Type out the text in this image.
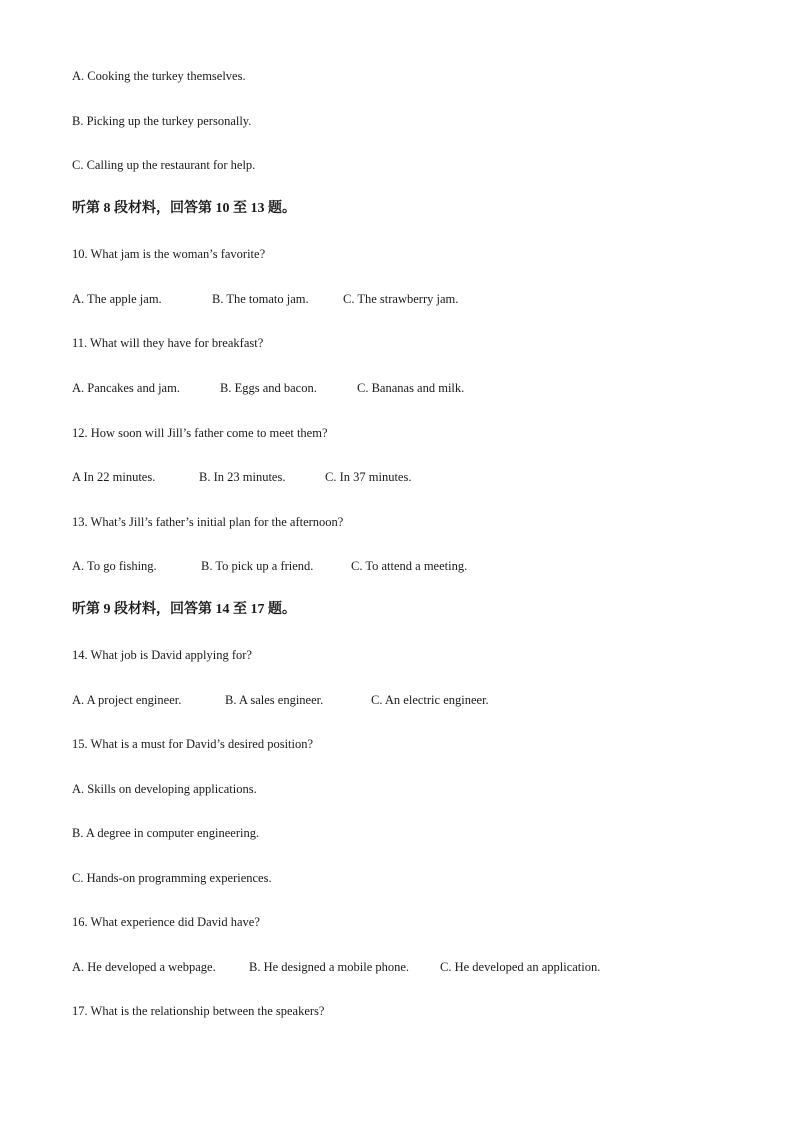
A. Cooking the turkey themselves.
B. Picking up the turkey personally.
C. Calling up the restaurant for help.
听第 8 段材料，回答第 10 至 13 题。
10. What jam is the woman’s favorite?
A. The apple jam.	B. The tomato jam.	C. The strawberry jam.
11. What will they have for breakfast?
A. Pancakes and jam.	B. Eggs and bacon.	C. Bananas and milk.
12. How soon will Jill’s father come to meet them?
A In 22 minutes.	B. In 23 minutes.	C. In 37 minutes.
13. What’s Jill’s father’s initial plan for the afternoon?
A. To go fishing.	B. To pick up a friend.	C. To attend a meeting.
听第 9 段材料，回答第 14 至 17 题。
14. What job is David applying for?
A. A project engineer.	B. A sales engineer.	C. An electric engineer.
15. What is a must for David’s desired position?
A. Skills on developing applications.
B. A degree in computer engineering.
C. Hands-on programming experiences.
16. What experience did David have?
A. He developed a webpage.	B. He designed a mobile phone. C. He developed an application.
17. What is the relationship between the speakers?
